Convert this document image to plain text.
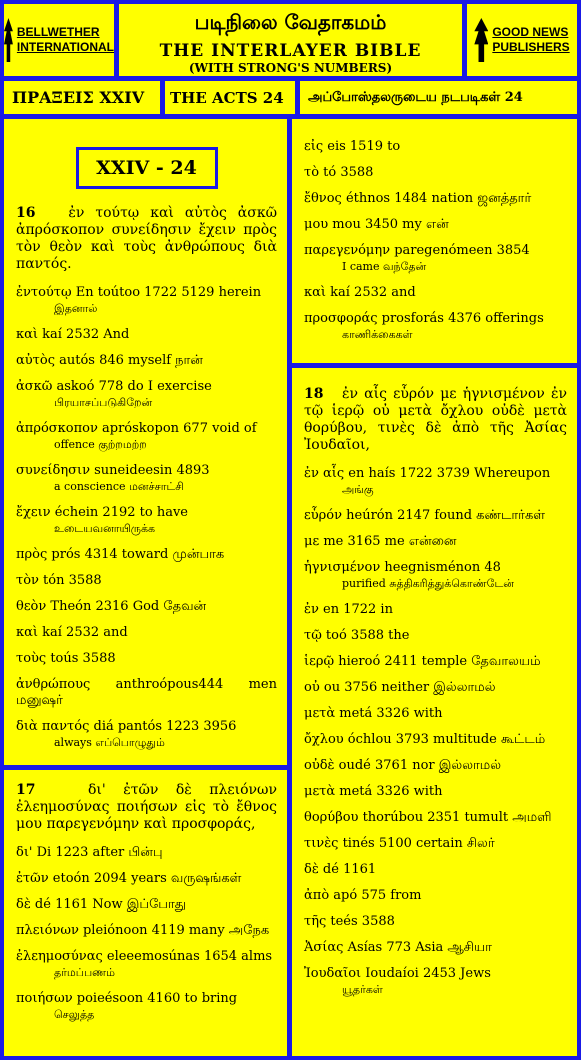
BELLWETHER
INTERNATIONAL
படிநிலை வேதாகமம்
THE INTERLAYER BIBLE
(WITH STRONG'S NUMBERS)
GOOD NEWS
PUBLISHERS
ΠΡΑΞΕΙΣ XXIV THE ACTS 24 அப்போஸ்தலருடைய நடபடிகள் 24
XXIV - 24

16 ἐν τούτῳ καὶ αὐτὸς ἀσκῶ ἀπρόσκοπον συνείδησιν ἔχειν πρὸς τὸν θεὸν καὶ τοὺς ἀνθρώπους διὰ παντός.

ἐντούτῳ En toútoo 1722 5129 herein
இதனால்
καὶ kaí 2532 And
αὐτὸς autós 846 myself நான்
ἀσκῶ askoó 778 do I exercise
பிரயாசப்படுகிறேன்
ἀπρόσκοπον apróskopon 677 void of
offence குற்றமற்ற
συνείδησιν suneideesin 4893
a conscience மனச்சாட்சி
ἔχειν échein 2192 to have
உடையவனாயிருக்க
πρὸς prós 4314 toward முன்பாக
τὸν tón 3588
θεὸν Theón 2316 God தேவன்
καὶ kaí 2532 and
τοὺς toús 3588
ἀνθρώπους anthroópous444 men மனுஷர்
διὰ παντός diá pantós 1223 3956
always எப்பொழுதும்

17	δι' ἐτῶν δὲ πλειόνων ἐλεημοσύνας ποιήσων εἰς τὸ ἔθνος μου παρεγενόμην καὶ προσφοράς,

δι' Di 1223 after பின்பு
ἐτῶν etoón 2094 years வருஷங்கள்
δὲ dé 1161 Now இப்போது
πλειόνων pleiónoon 4119 many அநேக
ἐλεημοσύνας eleeemosúnas 1654 alms
தர்மப்பணம்
ποιήσων poieésoon 4160 to bring
செலுத்த
εἰς eis 1519 to
τὸ tó 3588
ἔθνος éthnos 1484 nation ஜனத்தார்
μου mou 3450 my என்
παρεγενόμην paregenómeen 3854
I came வந்தேன்
καὶ kaí 2532 and
προσφοράς prosforás 4376 offerings
காணிக்கைகள்

18 ἐν αἷς εὗρόν με ἡγνισμένον ἐν τῷ ἱερῷ οὐ μετὰ ὄχλου οὐδὲ μετὰ θορύβου, τινὲς δὲ ἀπὸ τῆς Ἀσίας Ἰουδαῖοι,

ἐν αἷς en haís 1722 3739 Whereupon
அங்கு
εὗρόν heúrón 2147 found கண்டார்கள்
με me 3165 me என்னை
ἡγνισμένον heegnisménon 48
purified சுத்திகரித்துக்கொண்டேன்
ἐν en 1722 in
τῷ toó 3588 the
ἱερῷ hieroó 2411 temple தேவாலயம்
οὐ ou 3756 neither இல்லாமல்
μετὰ metá 3326 with
ὄχλου óchlou 3793 multitude கூட்டம்
οὐδὲ oudé 3761 nor இல்லாமல்
μετὰ metá 3326 with
θορύβου thorúbou 2351 tumult அமளி
τινὲς tinés 5100 certain சிலர்
δὲ dé 1161
ἀπὸ apó 575 from
τῆς teés 3588
Ἀσίας Asías 773 Asia ஆசியா
Ἰουδαῖοι Ioudaíoi 2453 Jews
யூதர்கள்
